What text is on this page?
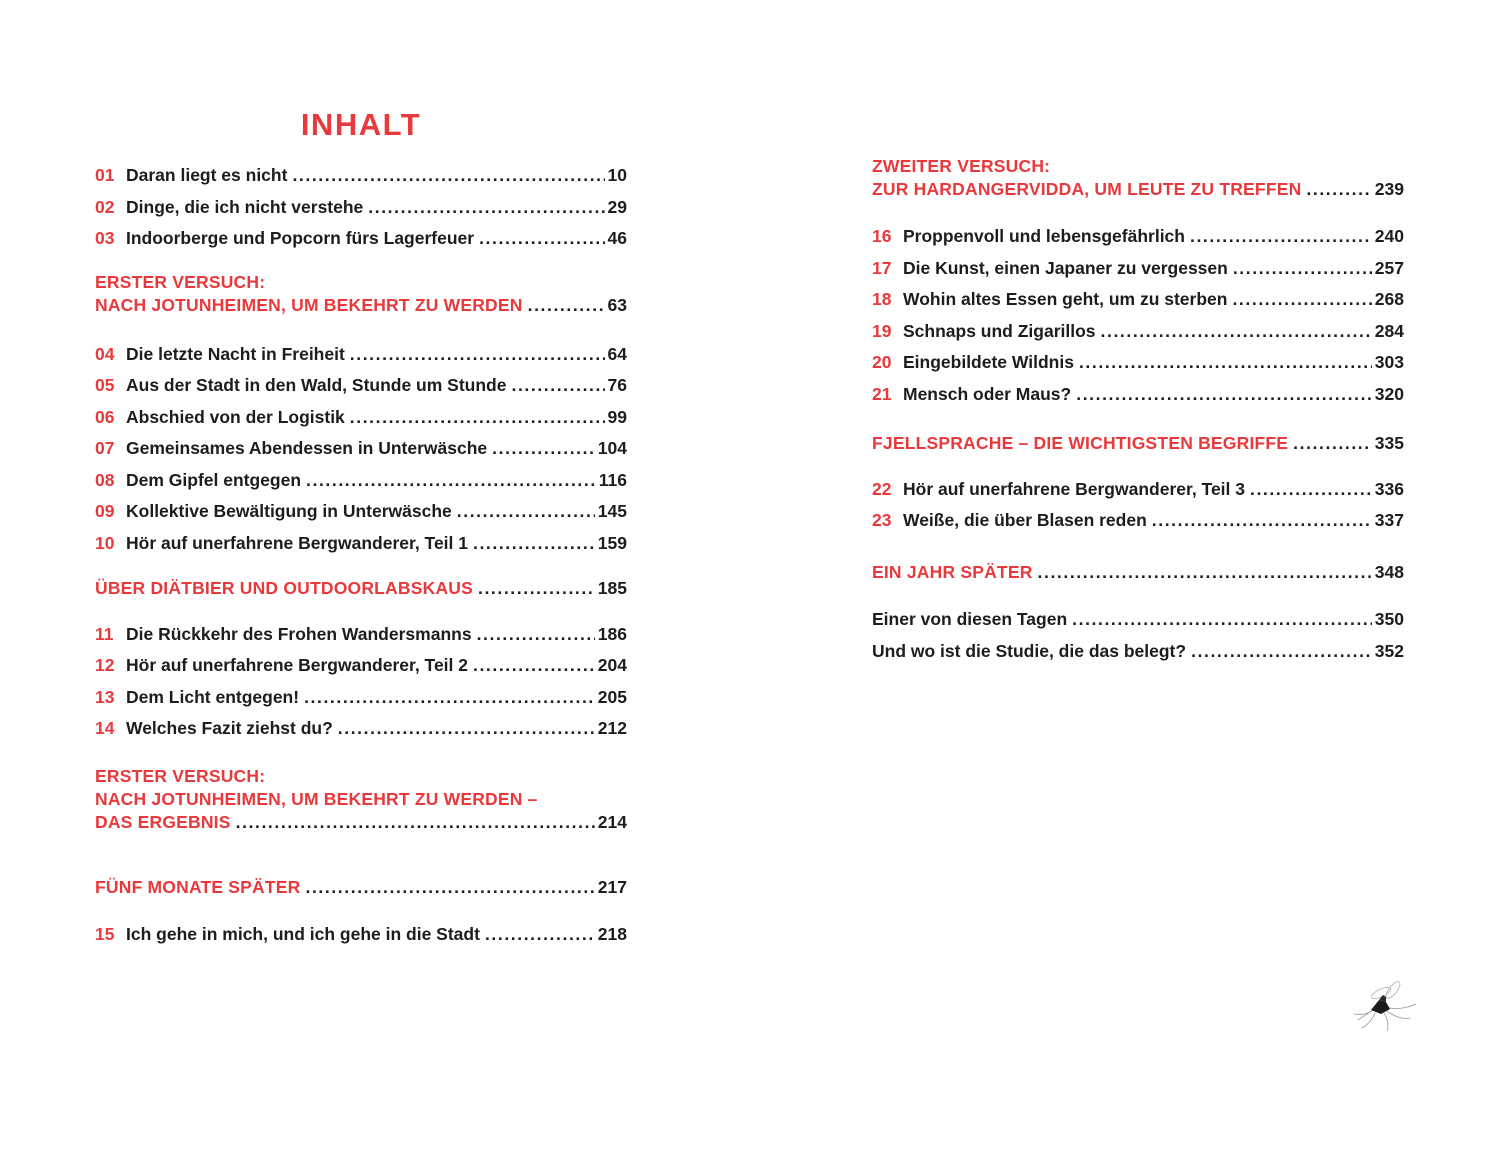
INHALT
01 Daran liegt es nicht .....	10
02 Dinge, die ich nicht verstehe .....	29
03 Indoorberge und Popcorn fürs Lagerfeuer .....	46
ERSTER VERSUCH:
NACH JOTUNHEIMEN, UM BEKEHRT ZU WERDEN .....	63
04 Die letzte Nacht in Freiheit .....	64
05 Aus der Stadt in den Wald, Stunde um Stunde .....	76
06 Abschied von der Logistik .....	99
07 Gemeinsames Abendessen in Unterwäsche .....	104
08 Dem Gipfel entgegen .....	116
09 Kollektive Bewältigung in Unterwäsche .....	145
10 Hör auf unerfahrene Bergwanderer, Teil 1 .....	159
ÜBER DIÄTBIER UND OUTDOORLABSKAUS .....	185
11 Die Rückkehr des Frohen Wandersmanns .....	186
12 Hör auf unerfahrene Bergwanderer, Teil 2 .....	204
13 Dem Licht entgegen! .....	205
14 Welches Fazit ziehst du? .....	212
ERSTER VERSUCH:
NACH JOTUNHEIMEN, UM BEKEHRT ZU WERDEN –
DAS ERGEBNIS .....	214
FÜNF MONATE SPÄTER .....	217
15 Ich gehe in mich, und ich gehe in die Stadt .....	218
ZWEITER VERSUCH:
ZUR HARDANGERVIDDA, UM LEUTE ZU TREFFEN .....	239
16 Proppenvoll und lebensgefährlich .....	240
17 Die Kunst, einen Japaner zu vergessen .....	257
18 Wohin altes Essen geht, um zu sterben .....	268
19 Schnaps und Zigarillos .....	284
20 Eingebildete Wildnis .....	303
21 Mensch oder Maus? .....	320
FJELLSPRACHE – DIE WICHTIGSTEN BEGRIFFE .....	335
22 Hör auf unerfahrene Bergwanderer, Teil 3 .....	336
23 Weiße, die über Blasen reden .....	337
EIN JAHR SPÄTER .....	348
Einer von diesen Tagen .....	350
Und wo ist die Studie, die das belegt? .....	352
